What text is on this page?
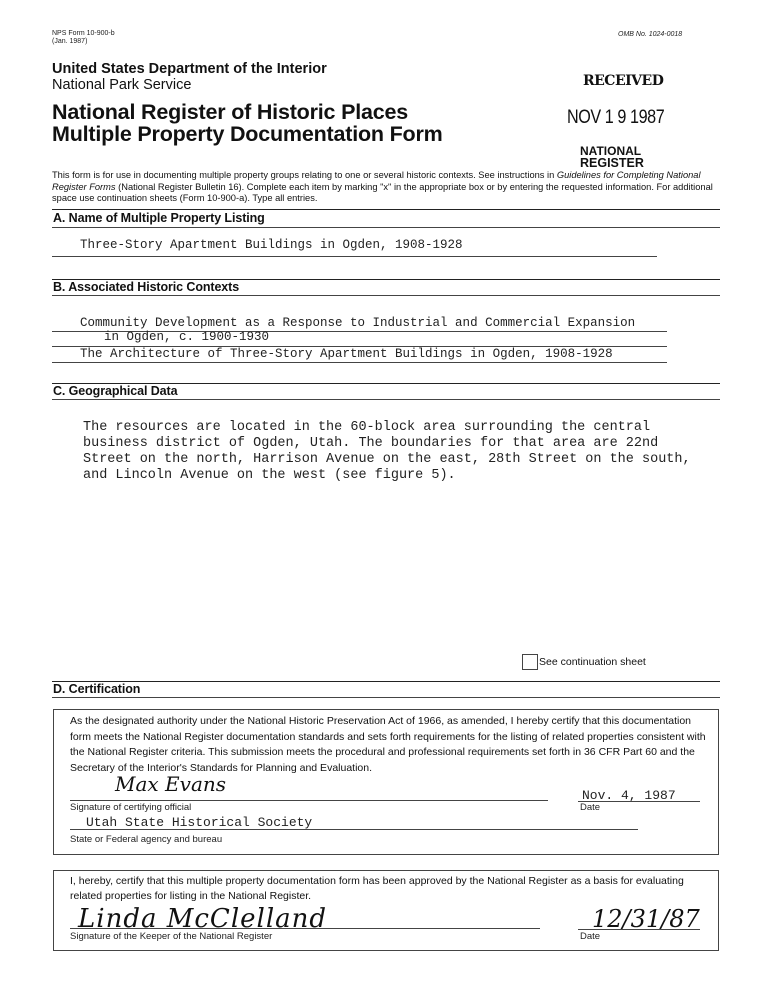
NPS Form 10-900-b
(Jan. 1987)
OMB No. 1024-0018
United States Department of the Interior
National Park Service
National Register of Historic Places
Multiple Property Documentation Form
RECEIVED
NOV 1 9 1987
NATIONAL
REGISTER
This form is for use in documenting multiple property groups relating to one or several historic contexts. See instructions in Guidelines for Completing National Register Forms (National Register Bulletin 16). Complete each item by marking "x" in the appropriate box or by entering the requested information. For additional space use continuation sheets (Form 10-900-a). Type all entries.
A. Name of Multiple Property Listing
Three-Story Apartment Buildings in Ogden, 1908-1928
B. Associated Historic Contexts
Community Development as a Response to Industrial and Commercial Expansion
in Ogden, c. 1900-1930
The Architecture of Three-Story Apartment Buildings in Ogden, 1908-1928
C. Geographical Data
The resources are located in the 60-block area surrounding the central
business district of Ogden, Utah. The boundaries for that area are 22nd
Street on the north, Harrison Avenue on the east, 28th Street on the south,
and Lincoln Avenue on the west (see figure 5).
See continuation sheet
D. Certification
As the designated authority under the National Historic Preservation Act of 1966, as amended, I hereby certify that this documentation form meets the National Register documentation standards and sets forth requirements for the listing of related properties consistent with the National Register criteria. This submission meets the procedural and professional requirements set forth in 36 CFR Part 60 and the Secretary of the Interior's Standards for Planning and Evaluation.
Max Evans
Signature of certifying official
Nov. 4, 1987
Date
Utah State Historical Society
State or Federal agency and bureau
I, hereby, certify that this multiple property documentation form has been approved by the National Register as a basis for evaluating related properties for listing in the National Register.
Linda McClelland
Signature of the Keeper of the National Register
12/31/87
Date
